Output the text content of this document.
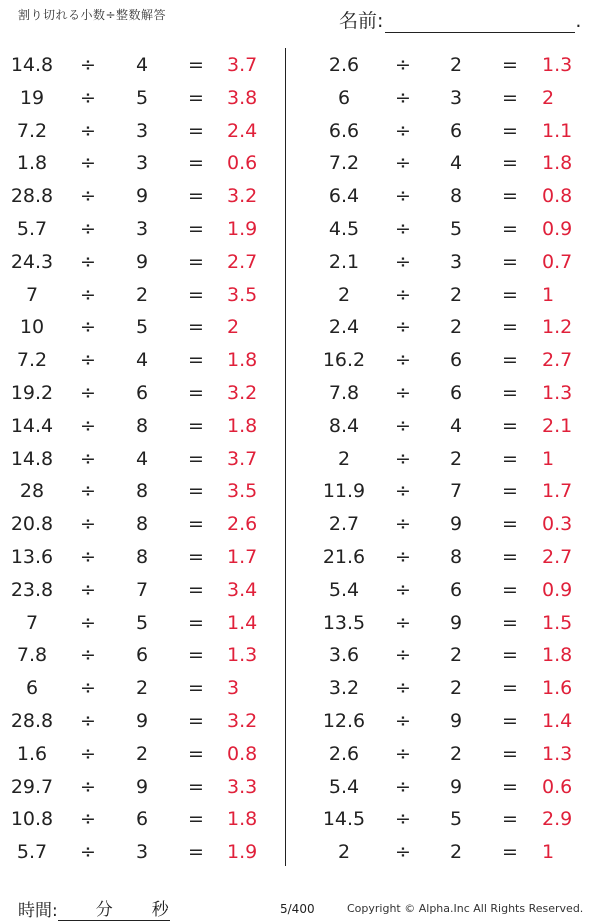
割り切れる小数÷整数解答	名前:	.
14.8	÷	4	= 3.7
19	÷	5	= 3.8
7.2	÷	3	= 2.4
1.8	÷	3	= 0.6
28.8	÷	9	= 3.2
5.7	÷	3	= 1.9
24.3	÷	9	= 2.7
7	÷	2	= 3.5
10	÷	5	= 2
7.2	÷	4	= 1.8
19.2	÷	6	= 3.2
14.4	÷	8	= 1.8
14.8	÷	4	= 3.7
28	÷	8	= 3.5
20.8	÷	8	= 2.6
13.6	÷	8	= 1.7
23.8	÷	7	= 3.4
7	÷	5	= 1.4
7.8	÷	6	= 1.3
6	÷	2	= 3
28.8	÷	9	= 3.2
1.6	÷	2	= 0.8
29.7	÷	9	= 3.3
10.8	÷	6	= 1.8
5.7	÷	3	= 1.9
2.6	÷	2	= 1.3
6	÷	3	= 2
6.6	÷	6	= 1.1
7.2	÷	4	= 1.8
6.4	÷	8	= 0.8
4.5	÷	5	= 0.9
2.1	÷	3	= 0.7
2	÷	2	= 1
2.4	÷	2	= 1.2
16.2	÷	6	= 2.7
7.8	÷	6	= 1.3
8.4	÷	4	= 2.1
2	÷	2	= 1
11.9	÷	7	= 1.7
2.7	÷	9	= 0.3
21.6	÷	8	= 2.7
5.4	÷	6	= 0.9
13.5	÷	9	= 1.5
3.6	÷	2	= 1.8
3.2	÷	2	= 1.6
12.6	÷	9	= 1.4
2.6	÷	2	= 1.3
5.4	÷	9	= 0.6
14.5	÷	5	= 2.9
2	÷	2	= 1
時間: 分 秒	5/400	Copyright © Alpha.Inc All Rights Reserved.
